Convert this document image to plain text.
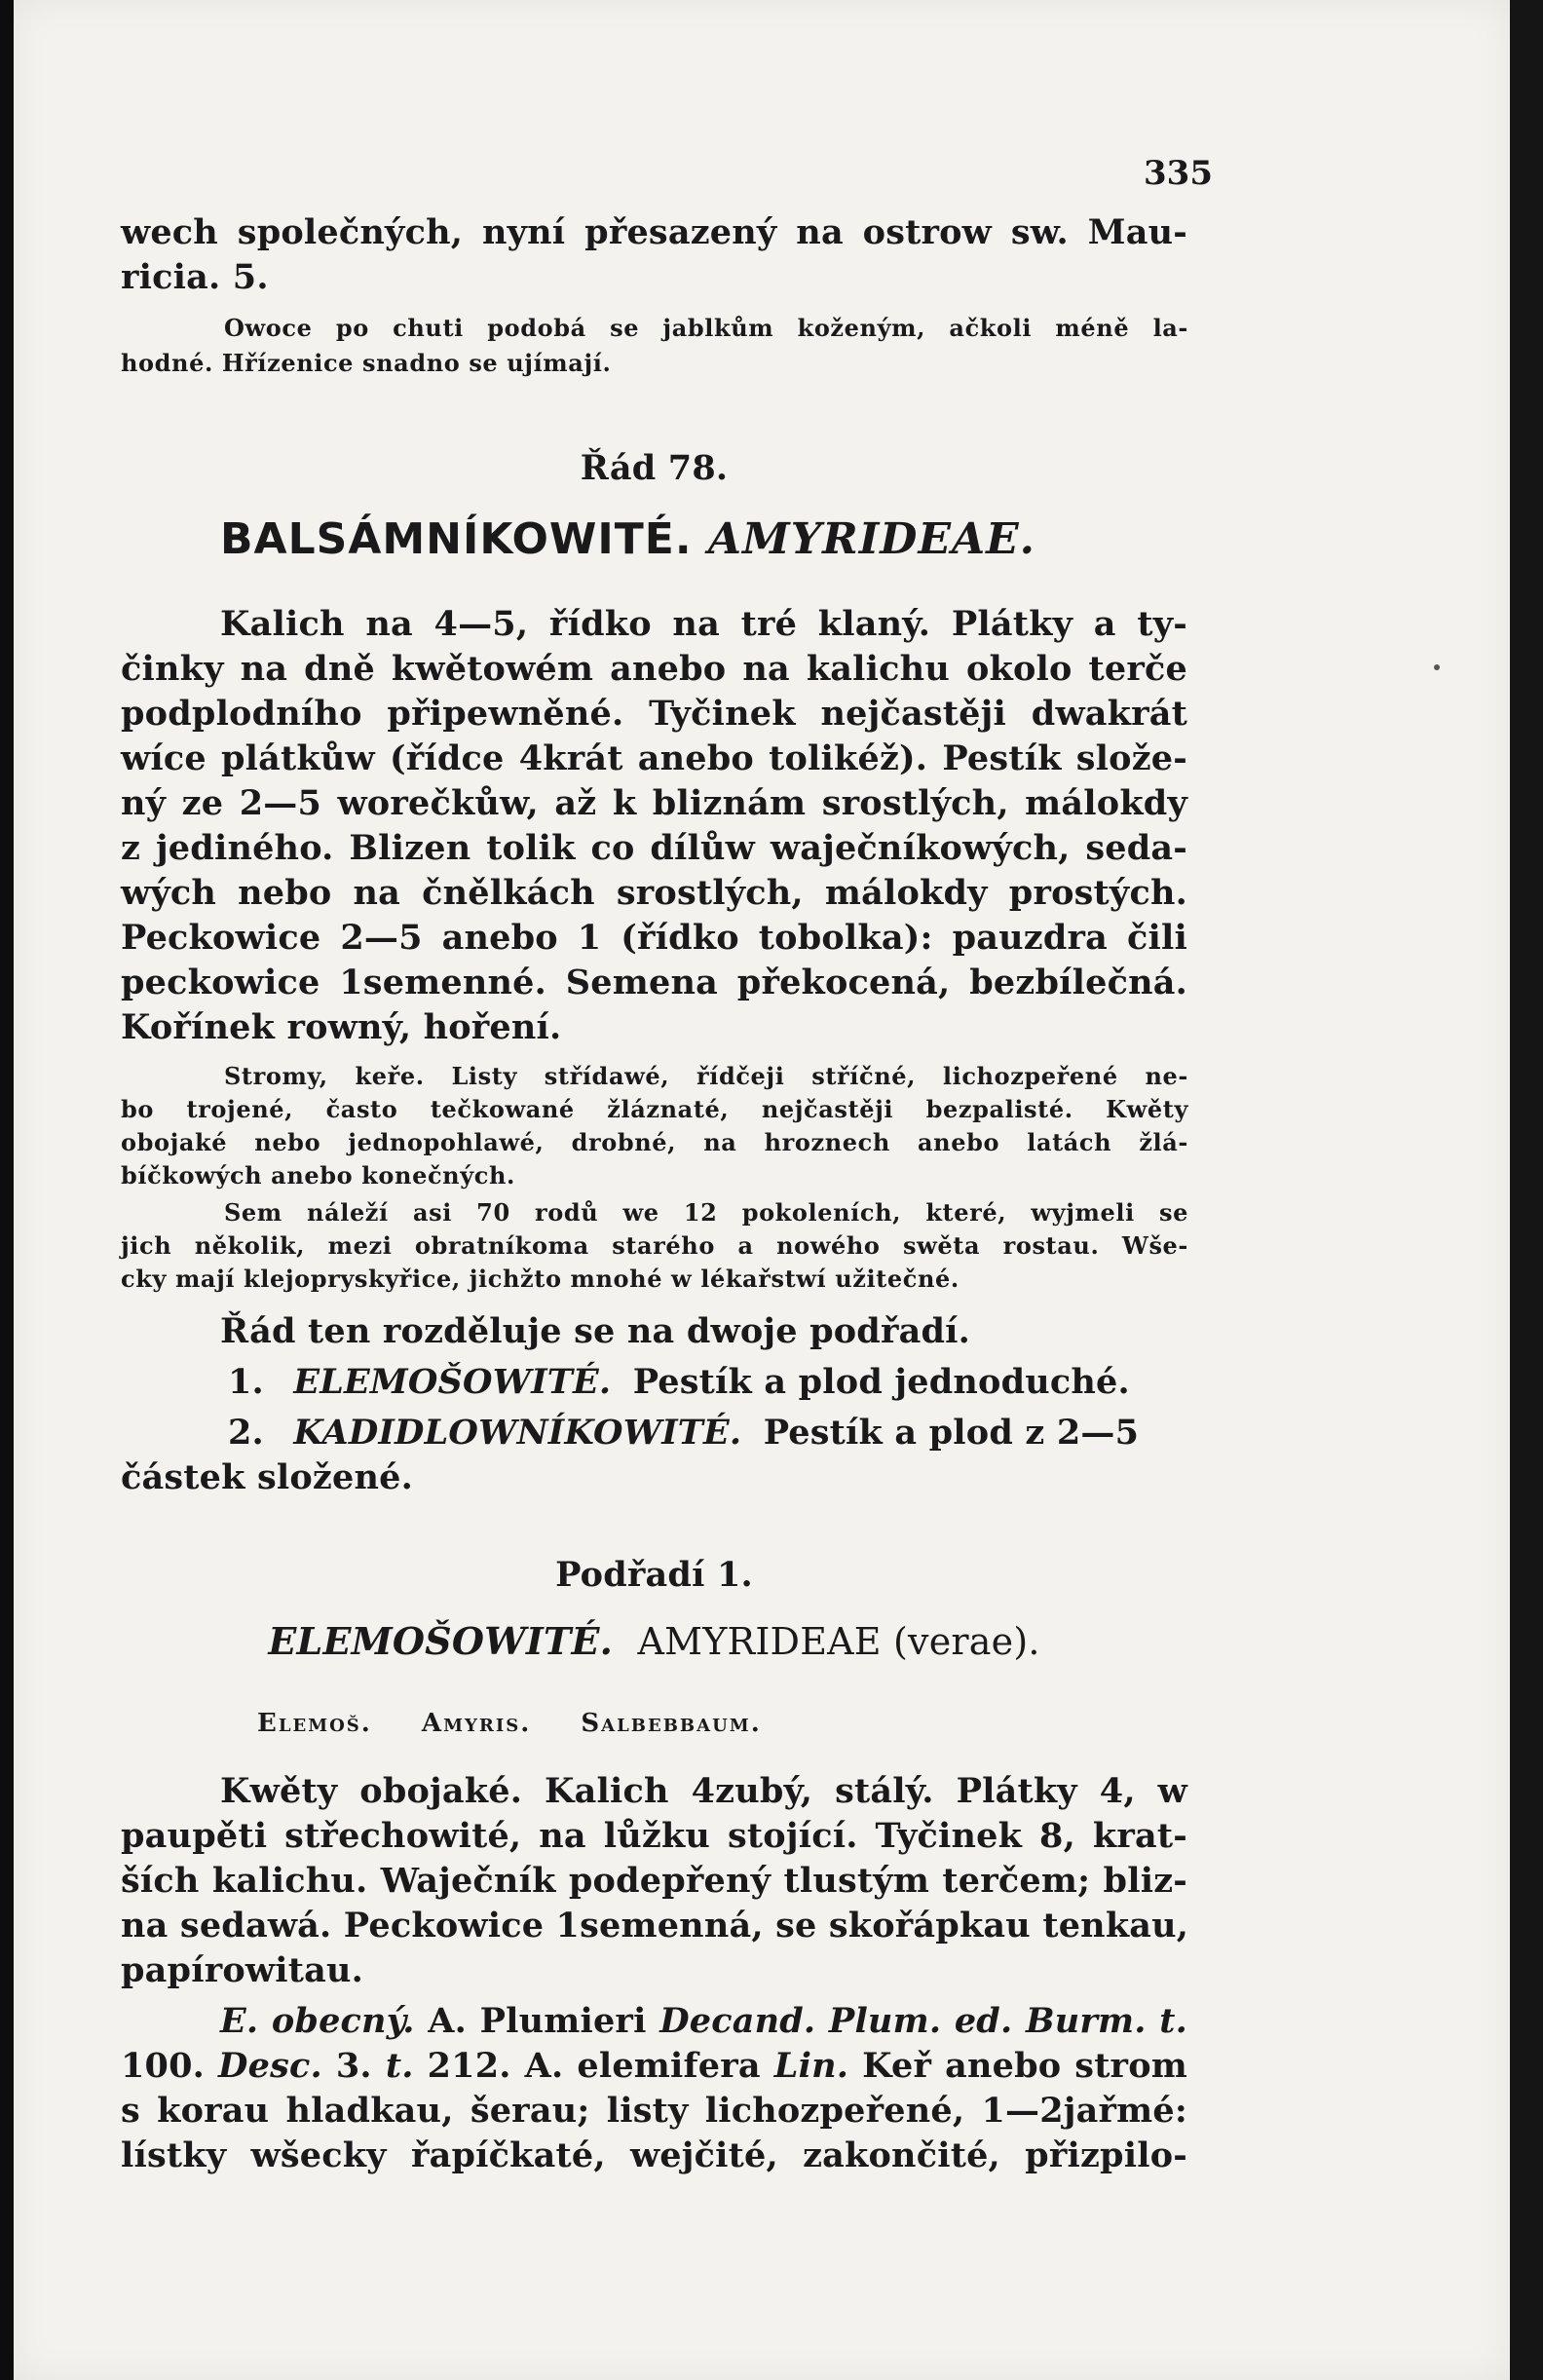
335
wech společných, nyní přesazený na ostrow sw. Mau-
ricia. 5.
Owoce po chuti podobá se jablkům koženým, ačkoli méně la-
hodné. Hřízenice snadno se ujímají.
Řád 78.
BALSÁMNÍKOWITÉ. AMYRIDEAE.
Kalich na 4—5, řídko na tré klaný. Plátky a ty-
činky na dně kwětowém anebo na kalichu okolo terče
podplodního připewněné. Tyčinek nejčastěji dwakrát
wíce plátkůw (řídce 4krát anebo tolikéž). Pestík slože-
ný ze 2—5 worečkůw, až k bliznám srostlých, málokdy
z jediného. Blizen tolik co dílůw waječníkowých, seda-
wých nebo na čnělkách srostlých, málokdy prostých.
Peckowice 2—5 anebo 1 (řídko tobolka): pauzdra čili
peckowice 1semenné. Semena překocená, bezbílečná.
Kořínek rowný, hoření.
Stromy, keře. Listy střídawé, řídčeji stříčné, lichozpeřené ne-
bo trojené, často tečkowané žláznaté, nejčastěji bezpalisté. Kwěty
obojaké nebo jednopohlawé, drobné, na hroznech anebo latách žlá-
bíčkowých anebo konečných.
Sem náleží asi 70 rodů we 12 pokoleních, které, wyjmeli se
jich několik, mezi obratníkoma starého a nowého swěta rostau. Wše-
cky mají klejopryskyřice, jichžto mnohé w lékařstwí užitečné.
Řád ten rozděluje se na dwoje podřadí.
1. ELEMOŠOWITÉ. Pestík a plod jednoduché.
2. KADIDLOWNÍKOWITÉ. Pestík a plod z 2—5
částek složené.
Podřadí 1.
ELEMOŠOWITÉ. AMYRIDEAE (verae).
Elemoš. Amyris. Salbebbaum.
Kwěty obojaké. Kalich 4zubý, stálý. Plátky 4, w
paupěti střechowité, na lůžku stojící. Tyčinek 8, krat-
ších kalichu. Waječník podepřený tlustým terčem; bliz-
na sedawá. Peckowice 1semenná, se skořápkau tenkau,
papírowitau.
E. obecný. A. Plumieri Decand. Plum. ed. Burm. t.
100. Desc. 3. t. 212. A. elemifera Lin. Keř anebo strom
s korau hladkau, šerau; listy lichozpeřené, 1—2jařmé:
lístky wšecky řapíčkaté, wejčité, zakončité, přizpilo-
